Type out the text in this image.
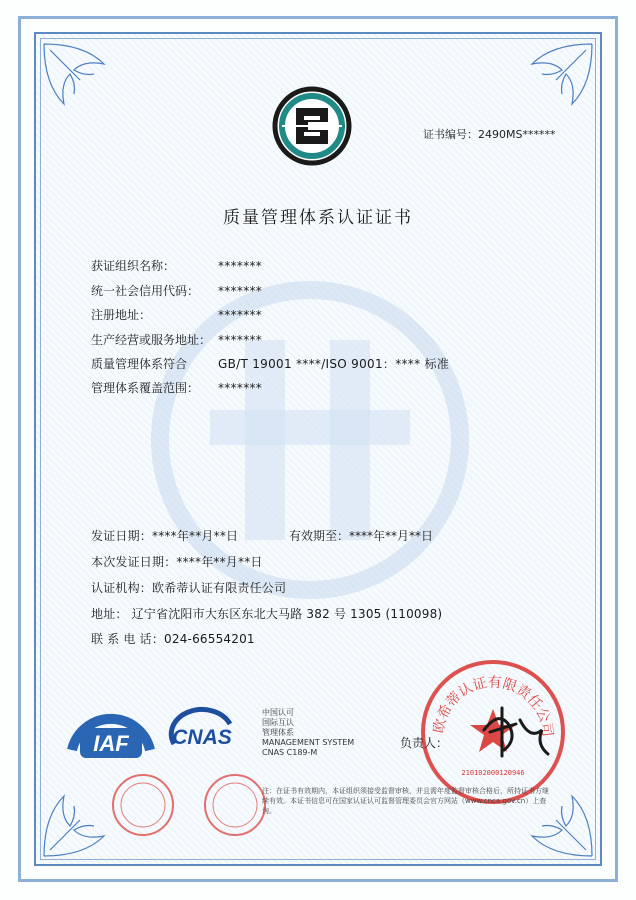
证书编号：2490MS******
质量管理体系认证证书
获证组织名称：	*******
统一社会信用代码： *******
注册地址：	*******
生产经营或服务地址： *******
质量管理体系符合	GB/T 19001 ****/ISO 9001：**** 标准
管理体系覆盖范围： *******
发证日期：****年**月**日	有效期至：****年**月**日
本次发证日期：****年**月**日
认证机构：欧希蒂认证有限责任公司
地址： 辽宁省沈阳市大东区东北大马路 382 号 1305 (110098)
联 系 电 话：024-66554201
IAF CNAS
中国认可
国际互认
管理体系
MANAGEMENT SYSTEM
CNAS C189-M
欧希蒂认证有限责任公司
2101020001209​46
负责人：
注：在证书有效期内，本证组织须接受监督审核，并且需年度监督审核合格后，所持证书方继续有效。本证书信息可在国家认证认可监督管理委员会官方网站（www.cnca.gov.cn）上查询。
